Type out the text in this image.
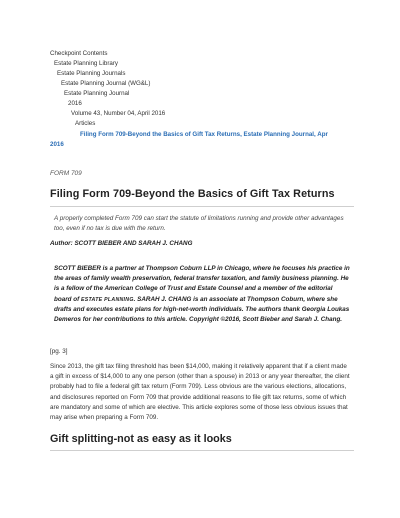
Checkpoint Contents
Estate Planning Library
Estate Planning Journals
Estate Planning Journal (WG&L)
Estate Planning Journal
2016
Volume 43, Number 04, April 2016
Articles
Filing Form 709-Beyond the Basics of Gift Tax Returns, Estate Planning Journal, Apr
2016
FORM 709
Filing Form 709-Beyond the Basics of Gift Tax Returns
A properly completed Form 709 can start the statute of limitations running and provide other advantages too, even if no tax is due with the return.
Author: SCOTT BIEBER AND SARAH J. CHANG
SCOTT BIEBER is a partner at Thompson Coburn LLP in Chicago, where he focuses his practice in the areas of family wealth preservation, federal transfer taxation, and family business planning. He is a fellow of the American College of Trust and Estate Counsel and a member of the editorial board of ESTATE PLANNING. SARAH J. CHANG is an associate at Thompson Coburn, where she drafts and executes estate plans for high-net-worth individuals. The authors thank Georgia Loukas Demeros for her contributions to this article. Copyright ©2016, Scott Bieber and Sarah J. Chang.
[pg. 3]
Since 2013, the gift tax filing threshold has been $14,000, making it relatively apparent that if a client made a gift in excess of $14,000 to any one person (other than a spouse) in 2013 or any year thereafter, the client probably had to file a federal gift tax return (Form 709). Less obvious are the various elections, allocations, and disclosures reported on Form 709 that provide additional reasons to file gift tax returns, some of which are mandatory and some of which are elective. This article explores some of those less obvious issues that may arise when preparing a Form 709.
Gift splitting-not as easy as it looks
